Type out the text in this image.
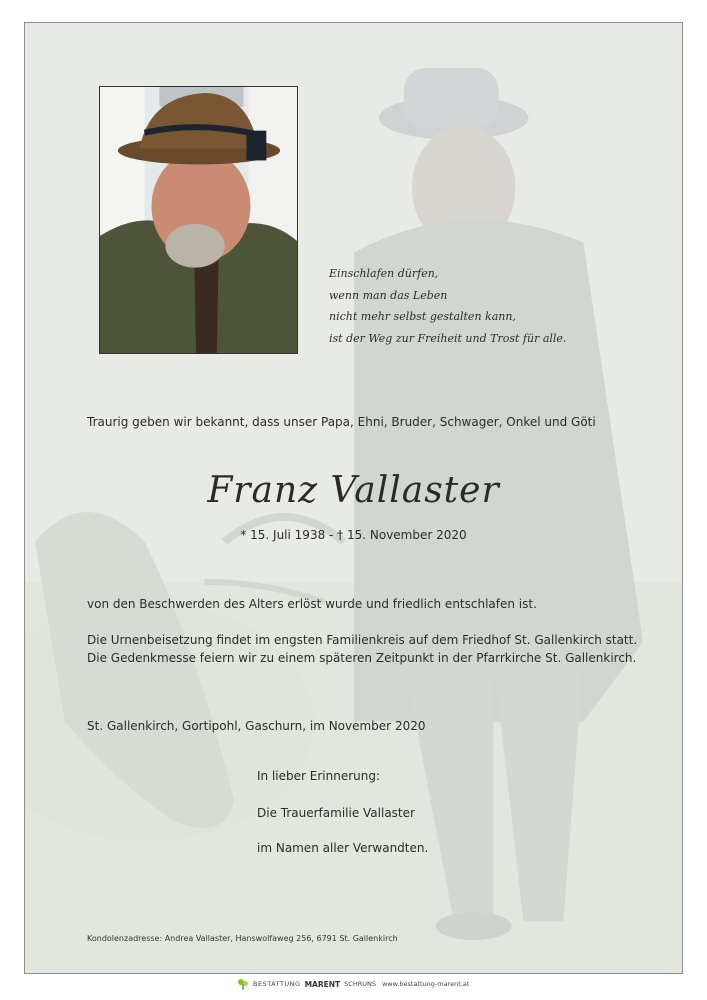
Einschlafen dürfen,
wenn man das Leben
nicht mehr selbst gestalten kann,
ist der Weg zur Freiheit und Trost für alle.
Traurig geben wir bekannt, dass unser Papa, Ehni, Bruder, Schwager, Onkel und Göti
Franz Vallaster
* 15. Juli 1938 - † 15. November 2020
von den Beschwerden des Alters erlöst wurde und friedlich entschlafen ist.
Die Urnenbeisetzung findet im engsten Familienkreis auf dem Friedhof St. Gallenkirch statt.
Die Gedenkmesse feiern wir zu einem späteren Zeitpunkt in der Pfarrkirche St. Gallenkirch.
St. Gallenkirch, Gortipohl, Gaschurn, im November 2020
In lieber Erinnerung:
Die Trauerfamilie Vallaster
im Namen aller Verwandten.
Kondolenzadresse: Andrea Vallaster, Hanswolfaweg 256, 6791 St. Gallenkirch
BESTATTUNG MARENT SCHRUNS www.bestattung-marent.at
